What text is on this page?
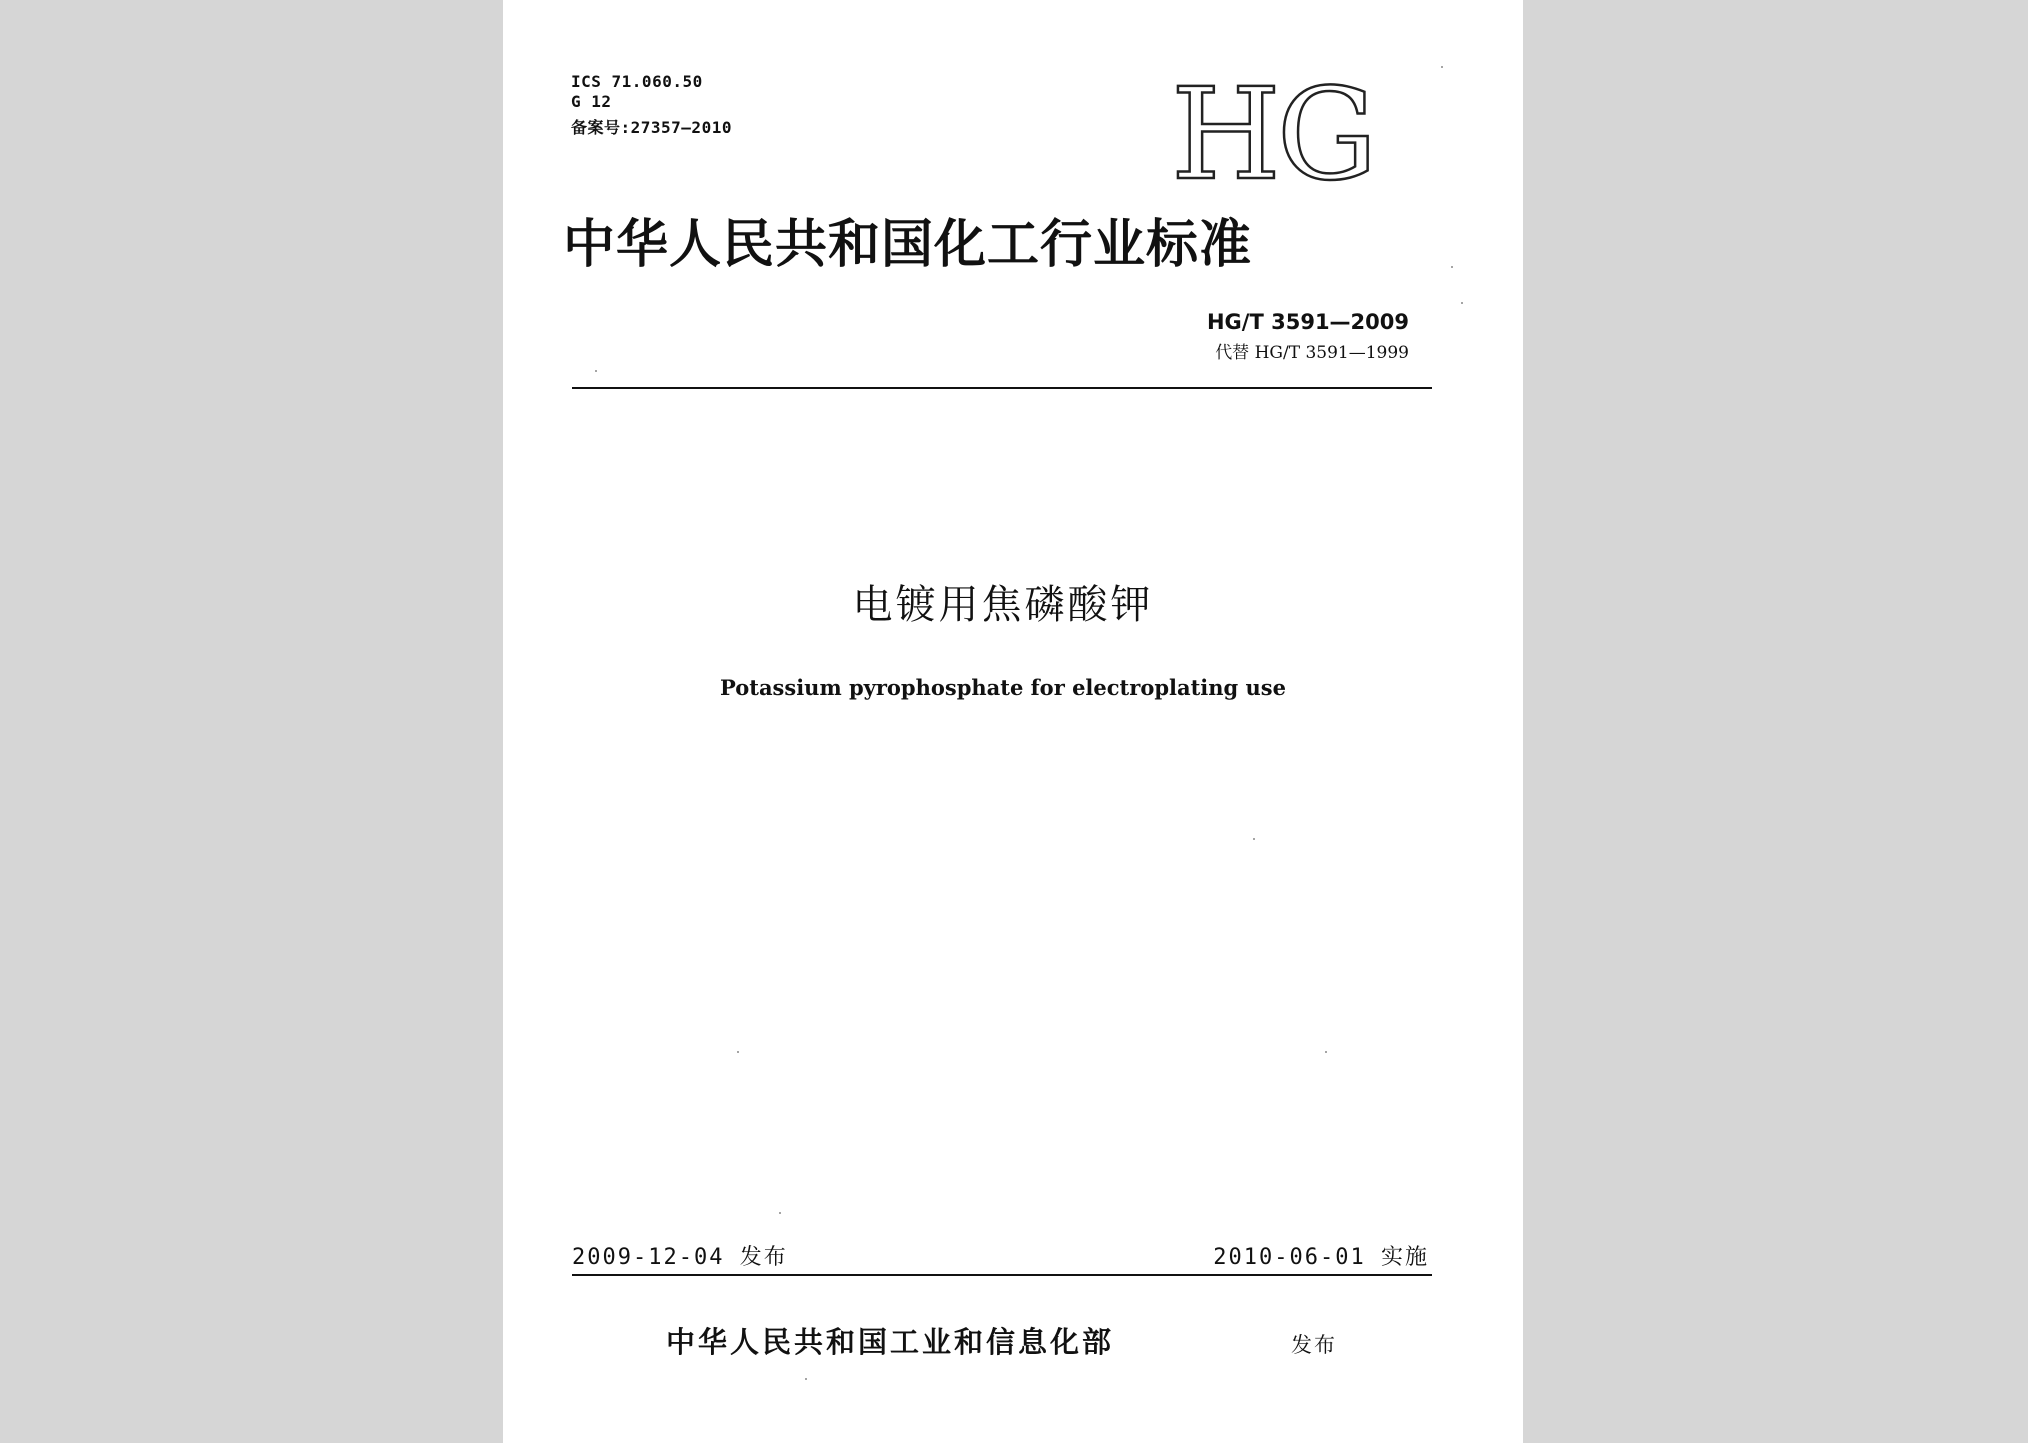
ICS 71.060.50
G 12
备案号:27357—2010	HG
中华人民共和国化工行业标准
HG/T 3591—2009
代替 HG/T 3591—1999
电镀用焦磷酸钾
Potassium pyrophosphate for electroplating use
2009-12-04 发布	2010-06-01 实施
中华人民共和国工业和信息化部	发布
